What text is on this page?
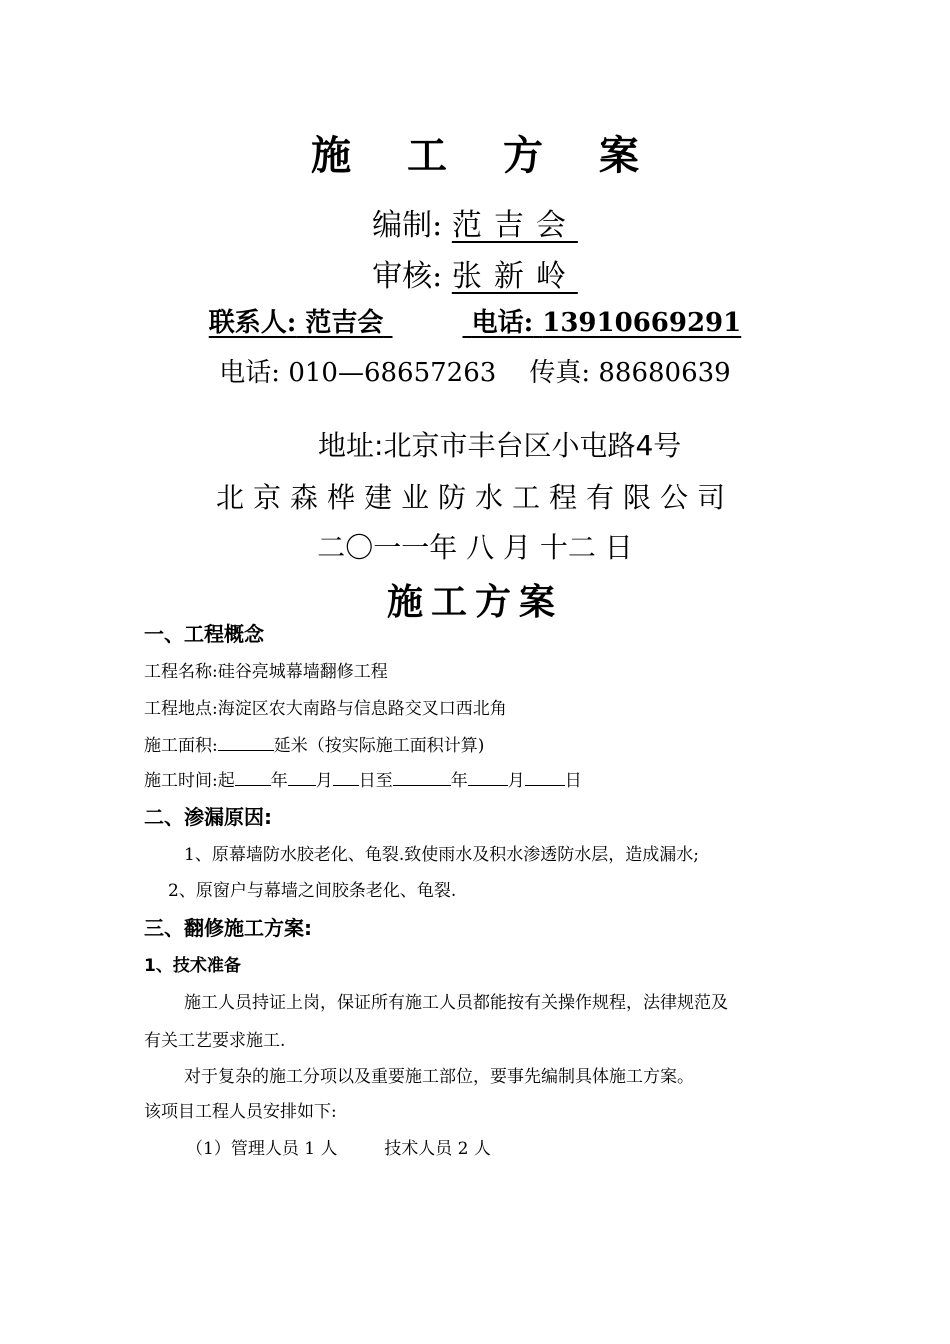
施工方案
编制: 范吉会
审核: 张新岭
联系人: 范吉会	电话: 13910669291
电话: 010—68657263 传真: 88680639
地址:北京市丰台区小屯路4号
北京森桦建业防水工程有限公司
二〇一一年 八 月 十二 日
施工方案
一、工程概念
工程名称:硅谷亮城幕墙翻修工程
工程地点:海淀区农大南路与信息路交叉口西北角
施工面积:	延米（按实际施工面积计算)
施工时间:起 年 月 日至	年 月 日
二、渗漏原因:
1、原幕墙防水胶老化、龟裂.致使雨水及积水渗透防水层，造成漏水;
2、原窗户与幕墙之间胶条老化、龟裂.
三、翻修施工方案:
1、技术准备
施工人员持证上岗，保证所有施工人员都能按有关操作规程，法律规范及
有关工艺要求施工.
对于复杂的施工分项以及重要施工部位，要事先编制具体施工方案。
该项目工程人员安排如下:
（1）管理人员 1 人	技术人员 2 人
